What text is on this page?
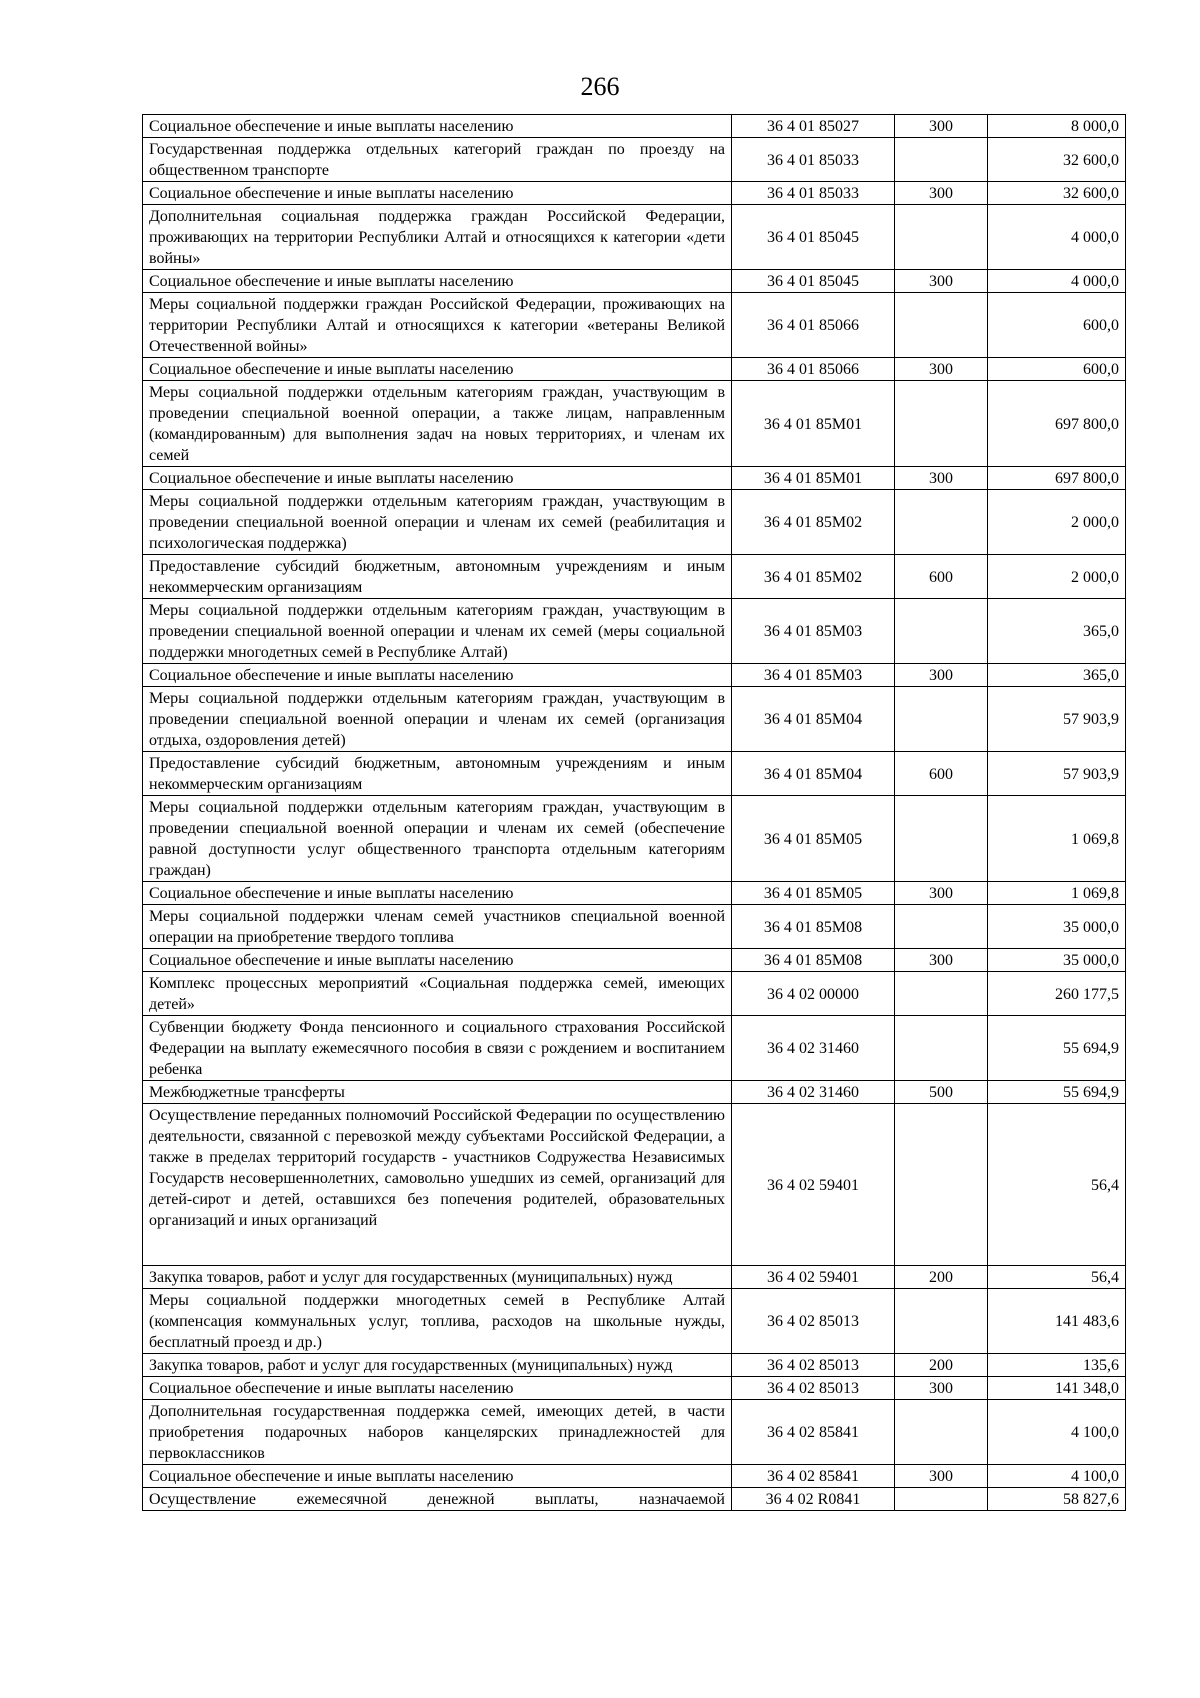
266
Социальное обеспечение и иные выплаты населению	36 4 01 85027	300	8 000,0
Государственная поддержка отдельных категорий граждан по проезду на общественном транспорте	36 4 01 85033		32 600,0
Социальное обеспечение и иные выплаты населению	36 4 01 85033	300	32 600,0
Дополнительная социальная поддержка граждан Российской Федерации, проживающих на территории Республики Алтай и относящихся к категории «дети войны»	36 4 01 85045		4 000,0
Социальное обеспечение и иные выплаты населению	36 4 01 85045	300	4 000,0
Меры социальной поддержки граждан Российской Федерации, проживающих на территории Республики Алтай и относящихся к категории «ветераны Великой Отечественной войны»	36 4 01 85066		600,0
Социальное обеспечение и иные выплаты населению	36 4 01 85066	300	600,0
Меры социальной поддержки отдельным категориям граждан, участвующим в проведении специальной военной операции, а также лицам, направленным (командированным) для выполнения задач на новых территориях, и членам их семей	36 4 01 85М01		697 800,0
Социальное обеспечение и иные выплаты населению	36 4 01 85М01	300	697 800,0
Меры социальной поддержки отдельным категориям граждан, участвующим в проведении специальной военной операции и членам их семей (реабилитация и психологическая поддержка)	36 4 01 85М02		2 000,0
Предоставление субсидий бюджетным, автономным учреждениям и иным некоммерческим организациям	36 4 01 85М02	600	2 000,0
Меры социальной поддержки отдельным категориям граждан, участвующим в проведении специальной военной операции и членам их семей (меры социальной поддержки многодетных семей в Республике Алтай)	36 4 01 85М03		365,0
Социальное обеспечение и иные выплаты населению	36 4 01 85М03	300	365,0
Меры социальной поддержки отдельным категориям граждан, участвующим в проведении специальной военной операции и членам их семей (организация отдыха, оздоровления детей)	36 4 01 85М04		57 903,9
Предоставление субсидий бюджетным, автономным учреждениям и иным некоммерческим организациям	36 4 01 85М04	600	57 903,9
Меры социальной поддержки отдельным категориям граждан, участвующим в проведении специальной военной операции и членам их семей (обеспечение равной доступности услуг общественного транспорта отдельным категориям граждан)	36 4 01 85М05		1 069,8
Социальное обеспечение и иные выплаты населению	36 4 01 85М05	300	1 069,8
Меры социальной поддержки членам семей участников специальной военной операции на приобретение твердого топлива	36 4 01 85М08		35 000,0
Социальное обеспечение и иные выплаты населению	36 4 01 85М08	300	35 000,0
Комплекс процессных мероприятий «Социальная поддержка семей, имеющих детей»	36 4 02 00000		260 177,5
Субвенции бюджету Фонда пенсионного и социального страхования Российской Федерации на выплату ежемесячного пособия в связи с рождением и воспитанием ребенка	36 4 02 31460		55 694,9
Межбюджетные трансферты	36 4 02 31460	500	55 694,9
Осуществление переданных полномочий Российской Федерации по осуществлению деятельности, связанной с перевозкой между субъектами Российской Федерации, а также в пределах территорий государств - участников Содружества Независимых Государств несовершеннолетних, самовольно ушедших из семей, организаций для детей-сирот и детей, оставшихся без попечения родителей, образовательных организаций и иных организаций	36 4 02 59401		56,4
Закупка товаров, работ и услуг для государственных (муниципальных) нужд	36 4 02 59401	200	56,4
Меры социальной поддержки многодетных семей в Республике Алтай (компенсация коммунальных услуг, топлива, расходов на школьные нужды, бесплатный проезд и др.)	36 4 02 85013		141 483,6
Закупка товаров, работ и услуг для государственных (муниципальных) нужд	36 4 02 85013	200	135,6
Социальное обеспечение и иные выплаты населению	36 4 02 85013	300	141 348,0
Дополнительная государственная поддержка семей, имеющих детей, в части приобретения подарочных наборов канцелярских принадлежностей для первоклассников	36 4 02 85841		4 100,0
Социальное обеспечение и иные выплаты населению	36 4 02 85841	300	4 100,0
Осуществление ежемесячной денежной выплаты, назначаемой	36 4 02 R0841		58 827,6
